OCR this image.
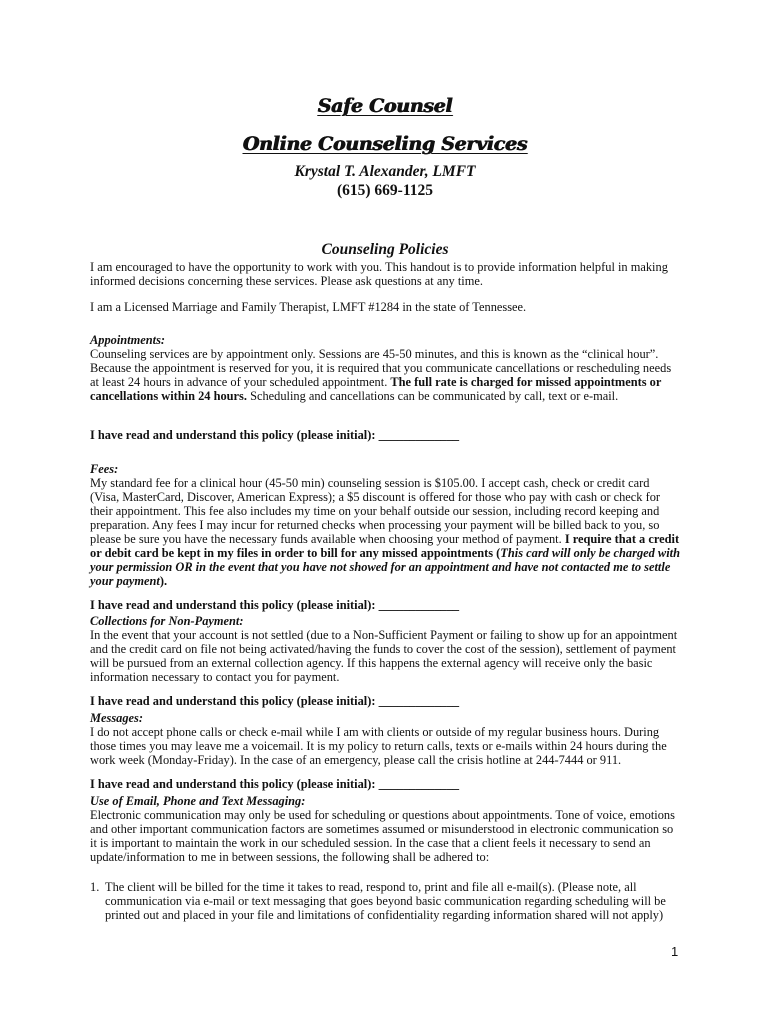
Safe Counsel
Online Counseling Services
Krystal T. Alexander, LMFT
(615) 669-1125
Counseling Policies
I am encouraged to have the opportunity to work with you. This handout is to provide information helpful in making informed decisions concerning these services. Please ask questions at any time.
I am a Licensed Marriage and Family Therapist, LMFT #1284 in the state of Tennessee.

Appointments:

Counseling services are by appointment only. Sessions are 45-50 minutes, and this is known as the “clinical hour”. Because the appointment is reserved for you, it is required that you communicate cancellations or rescheduling needs at least 24 hours in advance of your scheduled appointment. The full rate is charged for missed appointments or cancellations within 24 hours. Scheduling and cancellations can be communicated by call, text or e-mail.

I have read and understand this policy (please initial): _____________

Fees:

My standard fee for a clinical hour (45-50 min) counseling session is $105.00. I accept cash, check or credit card (Visa, MasterCard, Discover, American Express); a $5 discount is offered for those who pay with cash or check for their appointment. This fee also includes my time on your behalf outside our session, including record keeping and preparation. Any fees I may incur for returned checks when processing your payment will be billed back to you, so please be sure you have the necessary funds available when choosing your method of payment. I require that a credit or debit card be kept in my files in order to bill for any missed appointments (This card will only be charged with your permission OR in the event that you have not showed for an appointment and have not contacted me to settle your payment).

I have read and understand this policy (please initial): _____________

Collections for Non-Payment:

In the event that your account is not settled (due to a Non-Sufficient Payment or failing to show up for an appointment and the credit card on file not being activated/having the funds to cover the cost of the session), settlement of payment will be pursued from an external collection agency. If this happens the external agency will receive only the basic information necessary to contact you for payment.

I have read and understand this policy (please initial): _____________

Messages:

I do not accept phone calls or check e-mail while I am with clients or outside of my regular business hours. During those times you may leave me a voicemail. It is my policy to return calls, texts or e-mails within 24 hours during the work week (Monday-Friday). In the case of an emergency, please call the crisis hotline at 244-7444 or 911.

I have read and understand this policy (please initial): _____________

Use of Email, Phone and Text Messaging:

Electronic communication may only be used for scheduling or questions about appointments. Tone of voice, emotions and other important communication factors are sometimes assumed or misunderstood in electronic communication so it is important to maintain the work in our scheduled session. In the case that a client feels it necessary to send an update/information to me in between sessions, the following shall be adhered to:

1. The client will be billed for the time it takes to read, respond to, print and file all e-mail(s). (Please note, all communication via e-mail or text messaging that goes beyond basic communication regarding scheduling will be printed out and placed in your file and limitations of confidentiality regarding information shared will not apply)
1
